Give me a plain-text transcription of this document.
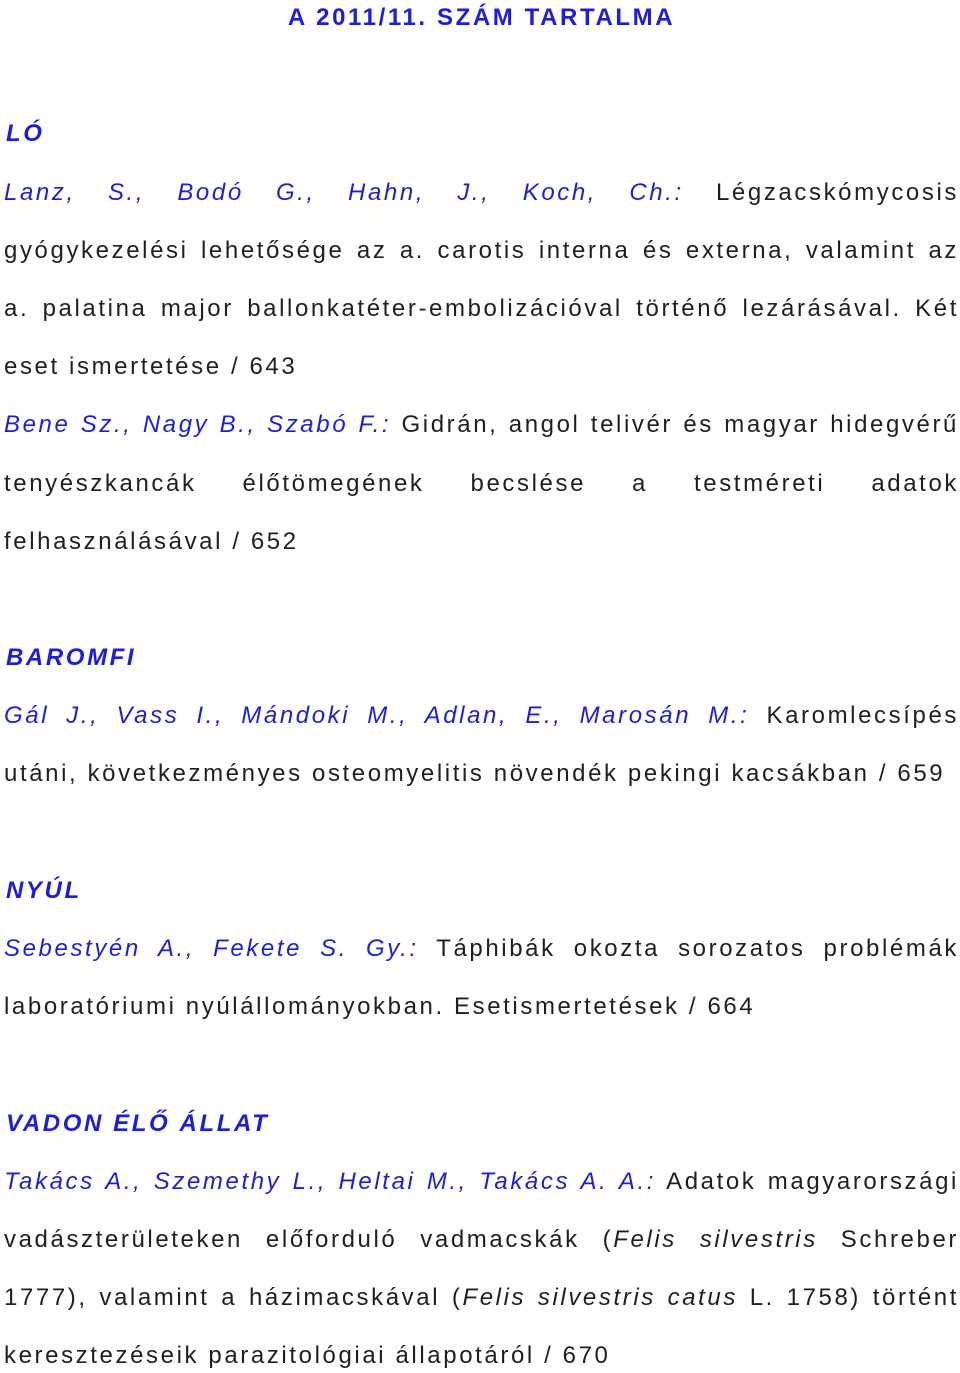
A 2011/11. SZÁM TARTALMA
LÓ
Lanz, S., Bodó G., Hahn, J., Koch, Ch.: Légzacskómycosis
gyógykezelési lehetősége az a. carotis interna és externa, valamint az
a. palatina major ballonkatéter-embolizációval történő lezárásával. Két
eset ismertetése / 643
Bene Sz., Nagy B., Szabó F.: Gidrán, angol telivér és magyar hidegvérű
tenyészkancák élőtömegének becslése a testméreti adatok
felhasználásával / 652
BAROMFI
Gál J., Vass I., Mándoki M., Adlan, E., Marosán M.: Karomlecsípés
utáni, következményes osteomyelitis növendék pekingi kacsákban / 659
NYÚL
Sebestyén A., Fekete S. Gy.: Táphibák okozta sorozatos problémák
laboratóriumi nyúlállományokban. Esetismertetések / 664
VADON ÉLŐ ÁLLAT
Takács A., Szemethy L., Heltai M., Takács A. A.: Adatok magyarországi
vadászterületeken előforduló vadmacskák (Felis silvestris Schreber
1777), valamint a házimacskával (Felis silvestris catus L. 1758) történt
keresztezéseik parazitológiai állapotáról / 670
